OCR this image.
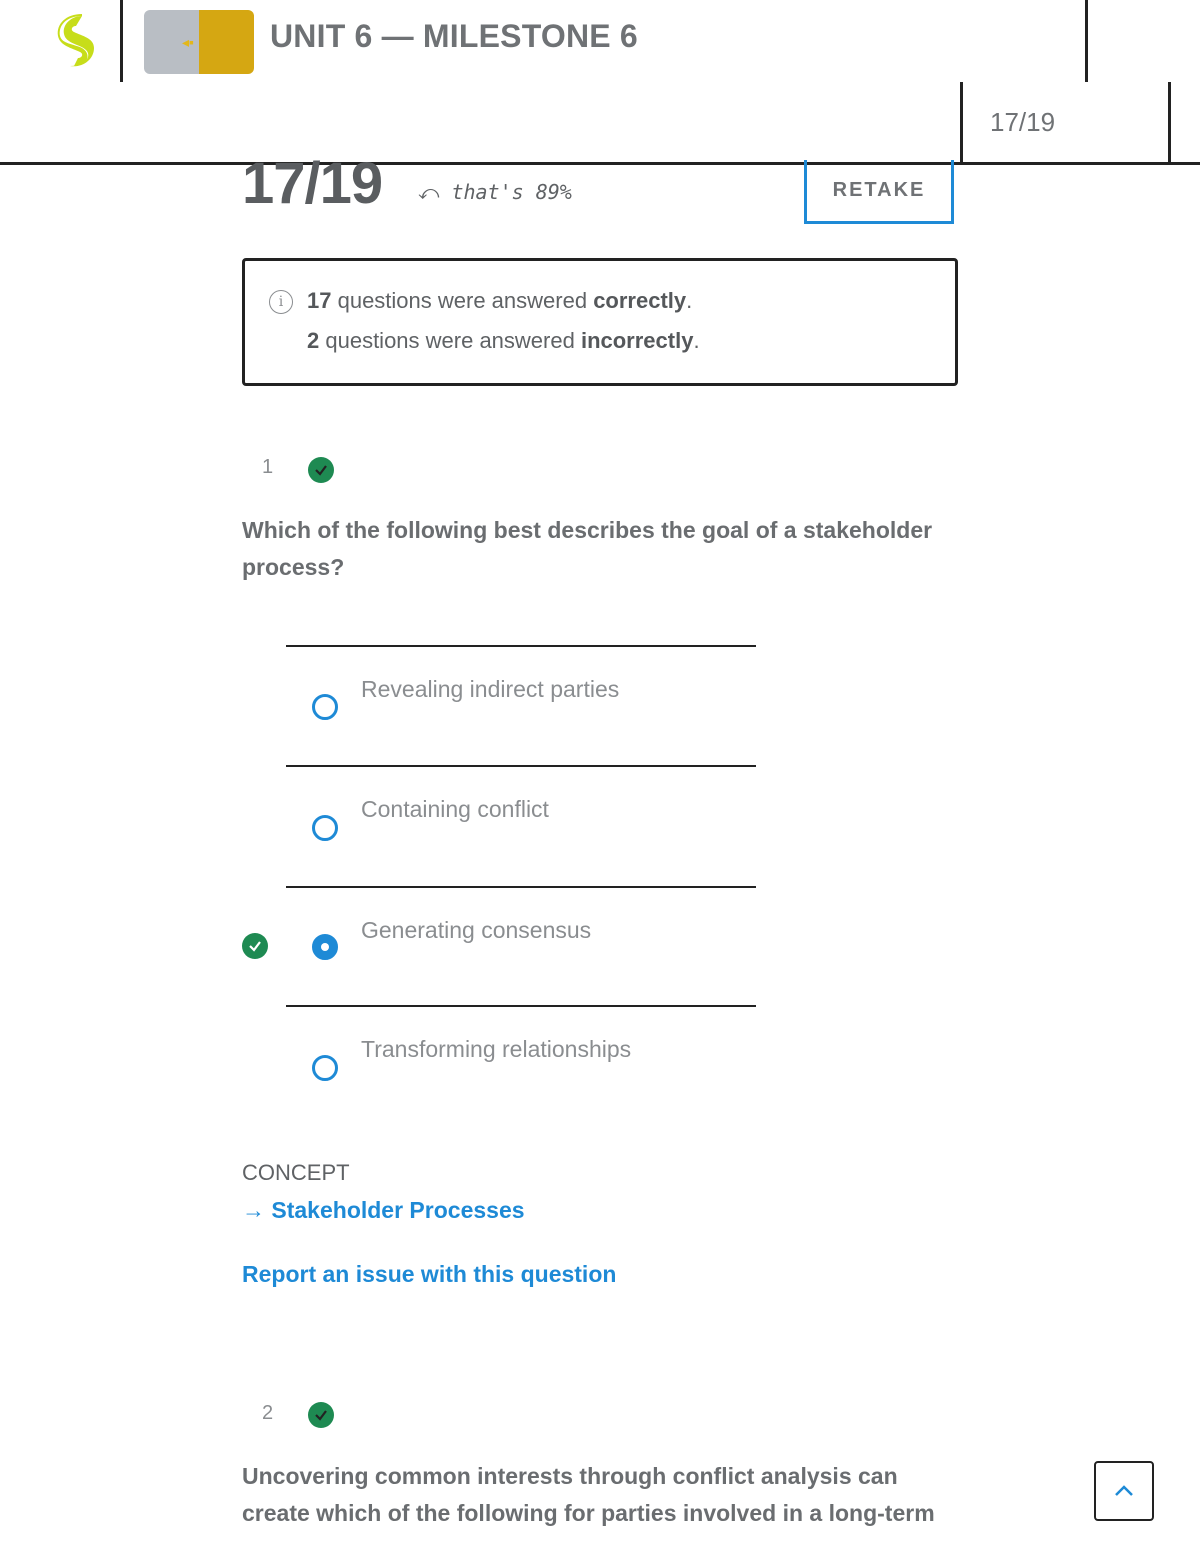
◂▪ UNIT 6 — MILESTONE 6
17/19
17/19 ⤺ that's 89%	RETAKE
i	17 questions were answered correctly.
2 questions were answered incorrectly.
1
Which of the following best describes the goal of a stakeholder process?
Revealing indirect parties
Containing conflict
Generating consensus
Transforming relationships
CONCEPT
→ Stakeholder Processes
Report an issue with this question
2
Uncovering common interests through conflict analysis can create which of the following for parties involved in a long-term
